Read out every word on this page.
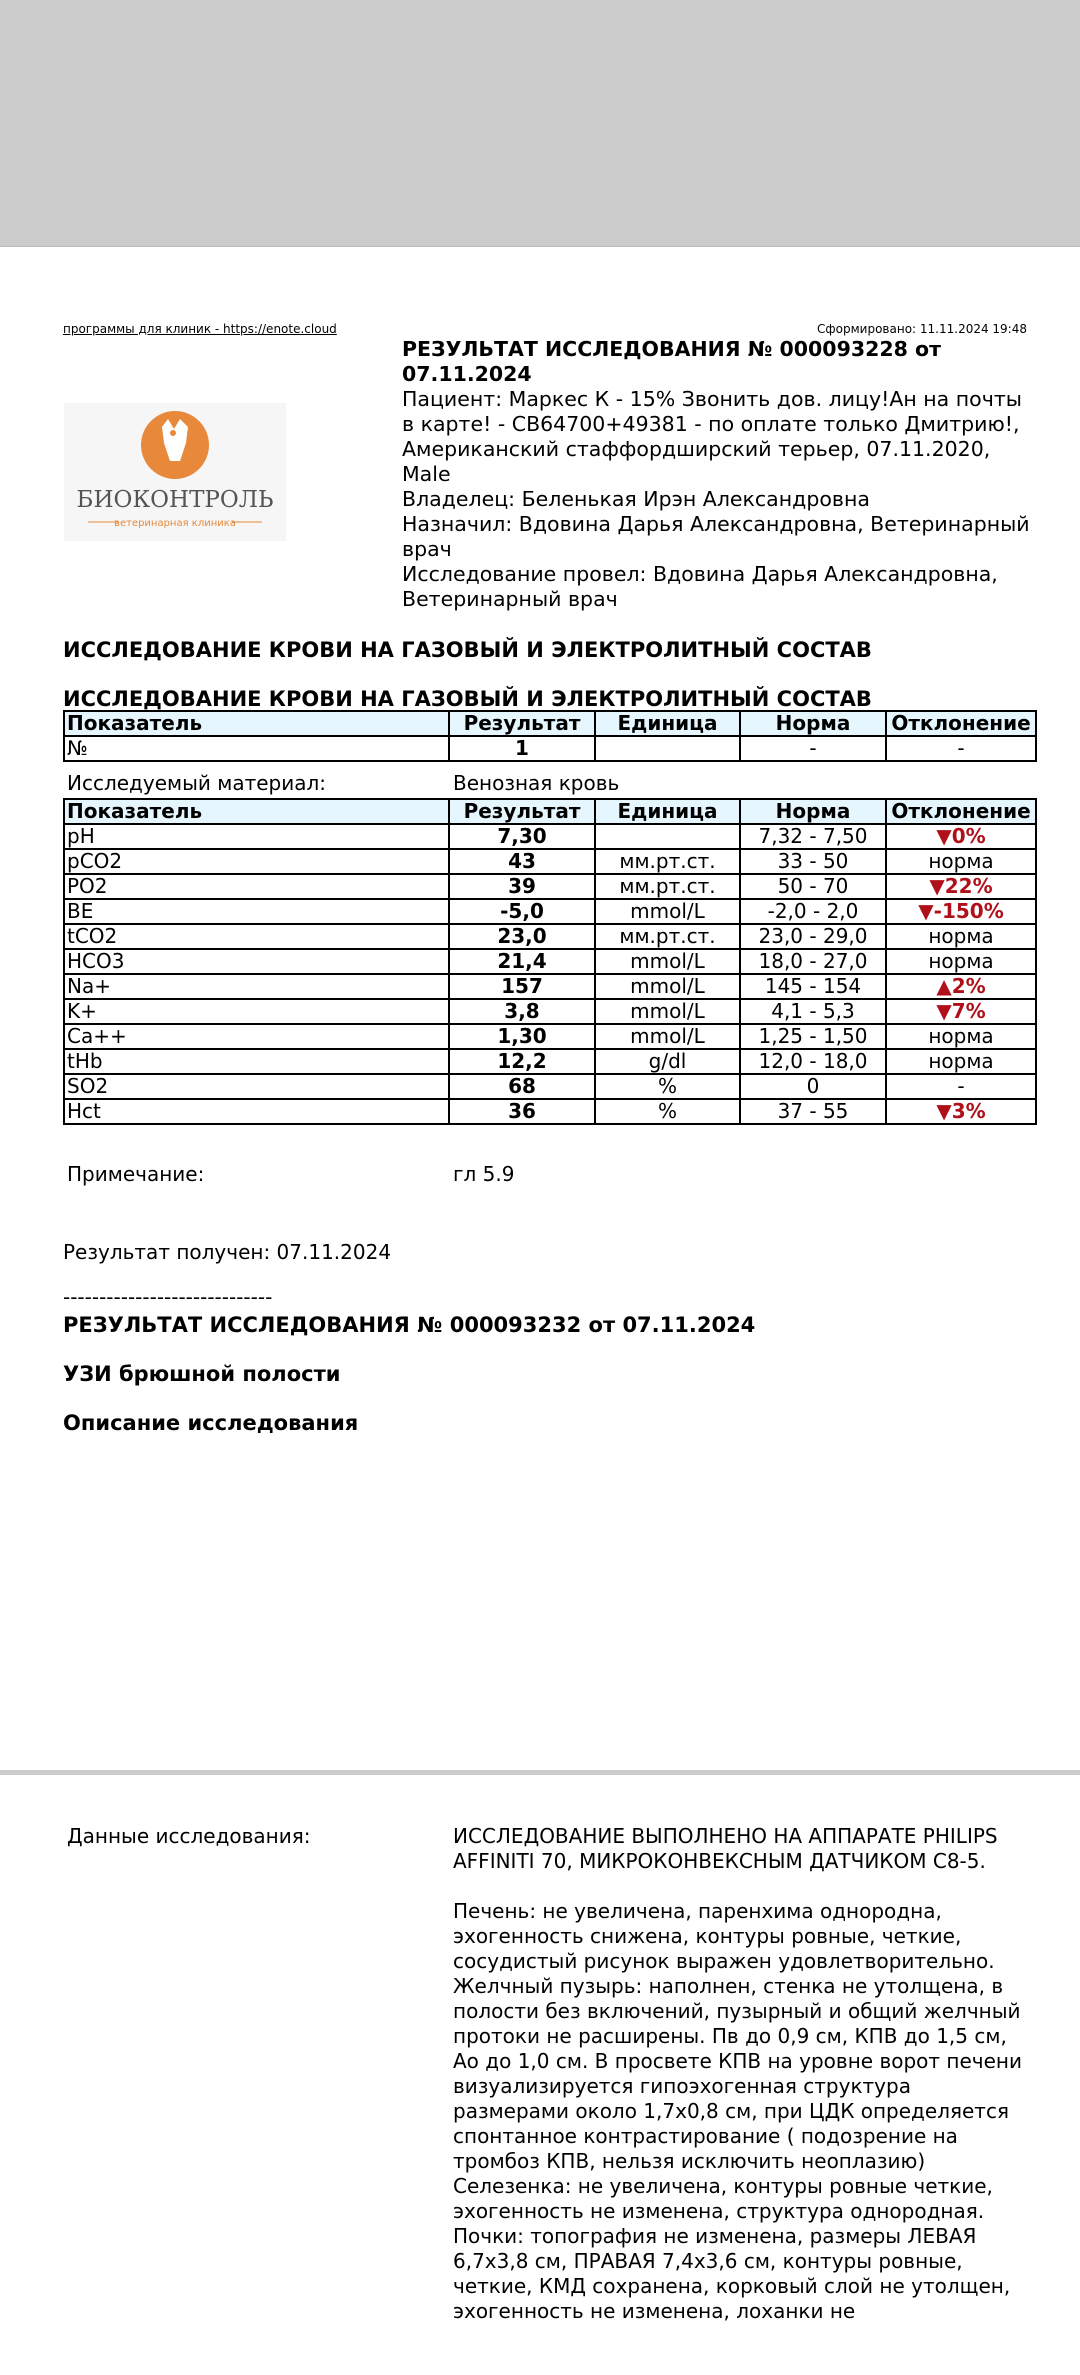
программы для клиник - https://enote.cloud	Сформировано: 11.11.2024 19:48
БИОКОНТРОЛЬ
ветеринарная клиника
РЕЗУЛЬТАТ ИССЛЕДОВАНИЯ № 000093228 от 07.11.2024
Пациент: Маркес К - 15% Звонить дов. лицу!Ан на почты в карте! - СВ64700+49381 - по оплате только Дмитрию!, Американский стаффордширский терьер, 07.11.2020, Male
Владелец: Беленькая Ирэн Александровна
Назначил: Вдовина Дарья Александровна, Ветеринарный врач
Исследование провел: Вдовина Дарья Александровна, Ветеринарный врач
ИССЛЕДОВАНИЕ КРОВИ НА ГАЗОВЫЙ И ЭЛЕКТРОЛИТНЫЙ СОСТАВ
ИССЛЕДОВАНИЕ КРОВИ НА ГАЗОВЫЙ И ЭЛЕКТРОЛИТНЫЙ СОСТАВ
Показатель	Результат	Единица	Норма	Отклонение
№	1		-	-
Исследуемый материал:	Венозная кровь
Показатель	Результат	Единица	Норма	Отклонение
pH	7,30		7,32 - 7,50	▼0%
pCO2	43	мм.рт.ст.	33 - 50	норма
PO2	39	мм.рт.ст.	50 - 70	▼22%
BE	-5,0	mmol/L	-2,0 - 2,0	▼-150%
tCO2	23,0	мм.рт.ст.	23,0 - 29,0	норма
HCO3	21,4	mmol/L	18,0 - 27,0	норма
Na+	157	mmol/L	145 - 154	▲2%
K+	3,8	mmol/L	4,1 - 5,3	▼7%
Ca++	1,30	mmol/L	1,25 - 1,50	норма
tHb	12,2	g/dl	12,0 - 18,0	норма
SO2	68	%	0	-
Hct	36	%	37 - 55	▼3%
Примечание:	гл 5.9
Результат получен: 07.11.2024
-----------------------------
РЕЗУЛЬТАТ ИССЛЕДОВАНИЯ № 000093232 от 07.11.2024
УЗИ брюшной полости
Описание исследования
Данные исследования:	ИССЛЕДОВАНИЕ ВЫПОЛНЕНО НА АППАРАТЕ PHILIPS AFFINITI 70, МИКРОКОНВЕКСНЫМ ДАТЧИКОМ С8-5.
Печень: не увеличена, паренхима однородна, эхогенность снижена, контуры ровные, четкие, сосудистый рисунок выражен удовлетворительно. Желчный пузырь: наполнен, стенка не утолщена, в полости без включений, пузырный и общий желчный протоки не расширены. Пв до 0,9 см, КПВ до 1,5 см, Ао до 1,0 см. В просвете КПВ на уровне ворот печени визуализируется гипоэхогенная структура размерами около 1,7х0,8 см, при ЦДК определяется спонтанное контрастирование ( подозрение на тромбоз КПВ, нельзя исключить неоплазию)
Селезенка: не увеличена, контуры ровные четкие, эхогенность не изменена, структура однородная. Почки: топография не изменена, размеры ЛЕВАЯ 6,7х3,8 см, ПРАВАЯ 7,4х3,6 см, контуры ровные, четкие, КМД сохранена, корковый слой не утолщен, эхогенность не изменена, лоханки не
